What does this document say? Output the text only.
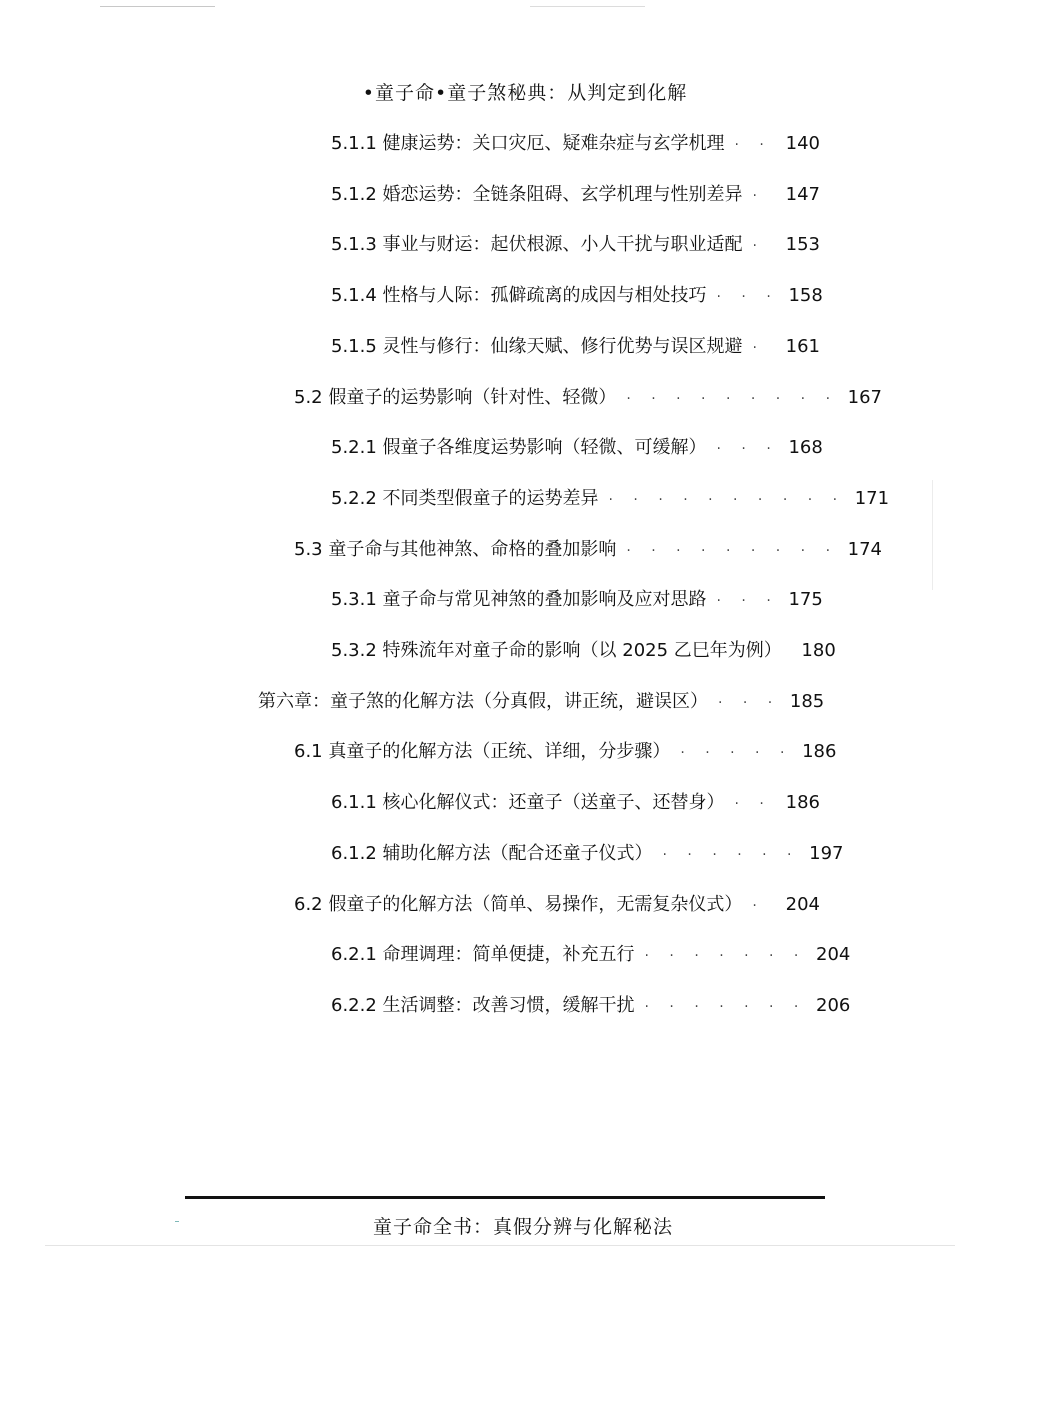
•童子命•童子煞秘典：从判定到化解
5.1.1 健康运势：关口灾厄、疑难杂症与玄学机理 · · 140
5.1.2 婚恋运势：全链条阻碍、玄学机理与性别差异 ·	147
5.1.3 事业与财运：起伏根源、小人干扰与职业适配 ·	153
5.1.4 性格与人际：孤僻疏离的成因与相处技巧 · · · 158
5.1.5 灵性与修行：仙缘天赋、修行优势与误区规避 ·	161
5.2 假童子的运势影响（针对性、轻微） · · · · · · · · · 167
5.2.1 假童子各维度运势影响（轻微、可缓解） · · · 168
5.2.2 不同类型假童子的运势差异 · · · · · · · · · · 171
5.3 童子命与其他神煞、命格的叠加影响 · · · · · · · · · 174
5.3.1 童子命与常见神煞的叠加影响及应对思路 · · · 175
5.3.2 特殊流年对童子命的影响（以 2025 乙巳年为例）	180
第六章：童子煞的化解方法（分真假，讲正统，避误区） · · · 185
6.1 真童子的化解方法（正统、详细，分步骤） · · · · · 186
6.1.1 核心化解仪式：还童子（送童子、还替身） · · 186
6.1.2 辅助化解方法（配合还童子仪式） · · · · · · 197
6.2 假童子的化解方法（简单、易操作，无需复杂仪式） ·	204
6.2.1 命理调理：简单便捷，补充五行 · · · · · · · 204
6.2.2 生活调整：改善习惯，缓解干扰 · · · · · · · 206
童子命全书：真假分辨与化解秘法
